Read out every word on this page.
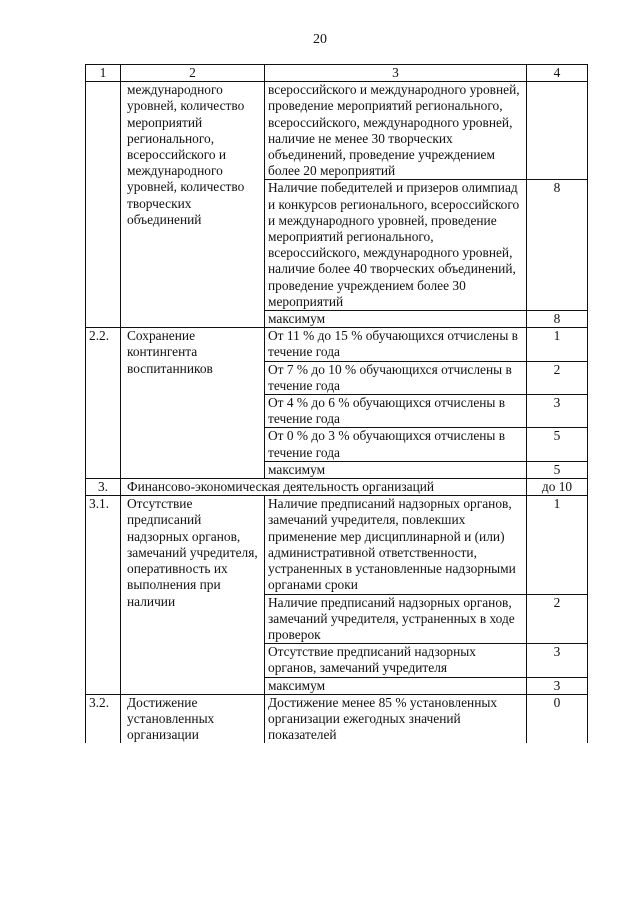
20
1	2	3	4
	международного уровней, количество мероприятий регионального, всероссийского и международного уровней, количество творческих объединений	всероссийского и международного уровней, проведение мероприятий регионального, всероссийского, международного уровней, наличие не менее 30 творческих объединений, проведение учреждением более 20 мероприятий	
		Наличие победителей и призеров олимпиад и конкурсов регионального, всероссийского и международного уровней, проведение мероприятий регионального, всероссийского, международного уровней, наличие более 40 творческих объединений, проведение учреждением более 30 мероприятий	8
		максимум	8
2.2.	Сохранение контингента воспитанников	От 11 % до 15 % обучающихся отчислены в течение года	1
		От 7 % до 10 % обучающихся отчислены в течение года	2
		От 4 % до 6 % обучающихся отчислены в течение года	3
		От 0 % до 3 % обучающихся отчислены в течение года	5
		максимум	5
3.	Финансово-экономическая деятельность организаций		до 10
3.1.	Отсутствие предписаний надзорных органов, замечаний учредителя, оперативность их выполнения при наличии	Наличие предписаний надзорных органов, замечаний учредителя, повлекших применение мер дисциплинарной и (или) административной ответственности, устраненных в установленные надзорными органами сроки	1
		Наличие предписаний надзорных органов, замечаний учредителя, устраненных в ходе проверок	2
		Отсутствие предписаний надзорных органов, замечаний учредителя	3
		максимум	3
3.2.	Достижение установленных организации	Достижение менее 85 % установленных организации ежегодных значений показателей	0
